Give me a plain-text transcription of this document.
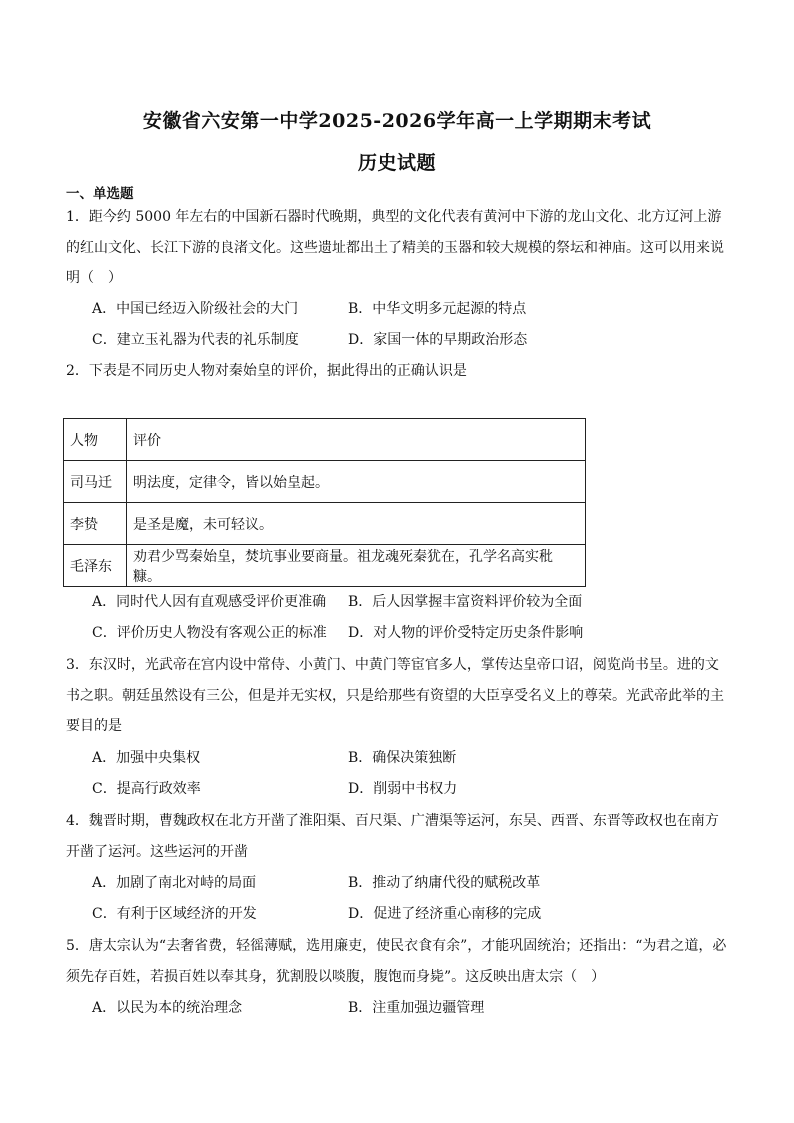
安徽省六安第一中学2025-2026学年高一上学期期末考试
历史试题
一、单选题

1．距今约 5000 年左右的中国新石器时代晚期，典型的文化代表有黄河中下游的龙山文化、北方辽河上游的红山文化、长江下游的良渚文化。这些遗址都出土了精美的玉器和较大规模的祭坛和神庙。这可以用来说明（　）

A．中国已经迈入阶级社会的大门	B．中华文明多元起源的特点
C．建立玉礼器为代表的礼乐制度	D．家国一体的早期政治形态

2．下表是不同历史人物对秦始皇的评价，据此得出的正确认识是

人物	评价
司马迁	明法度，定律令，皆以始皇起。
李贽	是圣是魔，未可轻议。
毛泽东	劝君少骂秦始皇，焚坑事业要商量。祖龙魂死秦犹在，孔学名高实秕糠。
A．同时代人因有直观感受评价更准确 B．后人因掌握丰富资料评价较为全面
C．评价历史人物没有客观公正的标准 D．对人物的评价受特定历史条件影响

3．东汉时，光武帝在宫内设中常侍、小黄门、中黄门等宦官多人，掌传达皇帝口诏，阅览尚书呈。进的文书之职。朝廷虽然设有三公，但是并无实权，只是给那些有资望的大臣享受名义上的尊荣。光武帝此举的主要目的是

A．加强中央集权	B．确保决策独断
C．提高行政效率	D．削弱中书权力

4．魏晋时期，曹魏政权在北方开凿了淮阳渠、百尺渠、广漕渠等运河，东吴、西晋、东晋等政权也在南方开凿了运河。这些运河的开凿

A．加剧了南北对峙的局面	B．推动了纳庸代役的赋税改革
C．有利于区域经济的开发	D．促进了经济重心南移的完成

5．唐太宗认为“去奢省费，轻徭薄赋，选用廉吏，使民衣食有余”，才能巩固统治；还指出：“为君之道，必须先存百姓，若损百姓以奉其身，犹割股以啖腹，腹饱而身毙”。这反映出唐太宗（　）

A．以民为本的统治理念	B．注重加强边疆管理
